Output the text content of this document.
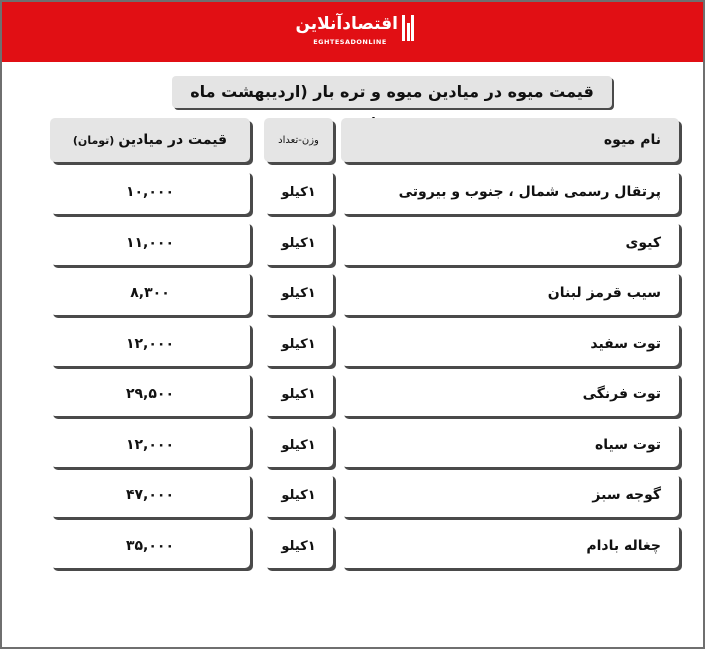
اقتصادآنلاین
EGHTESADONLINE
قیمت میوه در میادین میوه و تره بار (اردیبهشت ماه
نام میوه
وزن-تعداد
قیمت در میادین
(تومان)
پرتقال رسمی شمال ، جنوب و بیروتی
۱کیلو
۱۰,۰۰۰
کیوی
۱کیلو
۱۱,۰۰۰
سیب قرمز لبنان
۱کیلو
۸,۳۰۰
توت سفید
۱کیلو
۱۲,۰۰۰
توت فرنگی
۱کیلو
۲۹,۵۰۰
توت سیاه
۱کیلو
۱۲,۰۰۰
گوجه سبز
۱کیلو
۴۷,۰۰۰
چغاله بادام
۱کیلو
۳۵,۰۰۰
